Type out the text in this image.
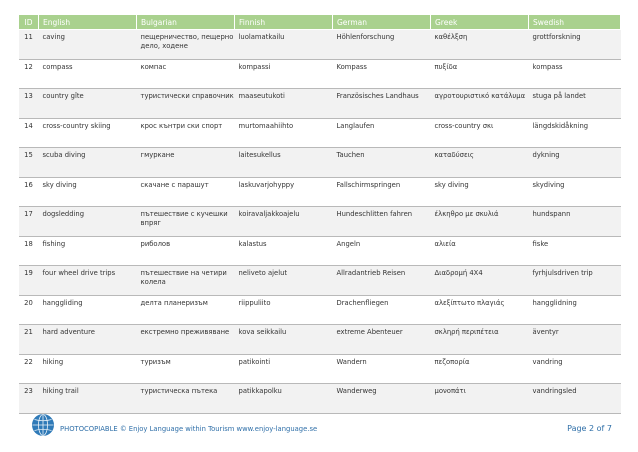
ID	English	Bulgarian	Finnish	German	Greek	Swedish
11	caving	пещерничество, пещерно дело, ходене	luolamatkailu	Höhlenforschung	καθέλξση	grottforskning
12	compass	компас	kompassi	Kompass	πυξίδα	kompass
13	country gîte	туристически справочник	maaseutukoti	Französisches Landhaus	αγροτουριστικό κατάλυμα	stuga på landet
14	cross-country skiing	крос кънтри ски спорт	murtomaahiihto	Langlaufen	cross-country σκι	längdskidåkning
15	scuba diving	гмуркане	laitesukellus	Tauchen	καταδύσεις	dykning
16	sky diving	скачане с парашут	laskuvarjohyppy	Fallschirmspringen	sky diving	skydiving
17	dogsledding	пътешествие с кучешки впряг	koiravaljakkoajelu	Hundeschlitten fahren	έλκηθρο με σκυλιά	hundspann
18	fishing	риболов	kalastus	Angeln	αλιεία	fiske
19	four wheel drive trips	пътешествие на четири колела	neliveto ajelut	Allradantrieb Reisen	Διαδρομή 4X4	fyrhjulsdriven trip
20	hanggliding	делта планеризъм	riippuliito	Drachenfliegen	αλεξίπτωτο πλαγιάς	hangglidning
21	hard adventure	екстремно преживяване	kova seikkailu	extreme Abenteuer	σκληρή περιπέτεια	äventyr
22	hiking	туризъм	patikointi	Wandern	πεζοπορία	vandring
23	hiking trail	туристическа пътека	patikkapolku	Wanderweg	μονοπάτι	vandringsled
PHOTOCOPIABLE © Enjoy Language within Tourism www.enjoy-language.se	Page 2 of 7
